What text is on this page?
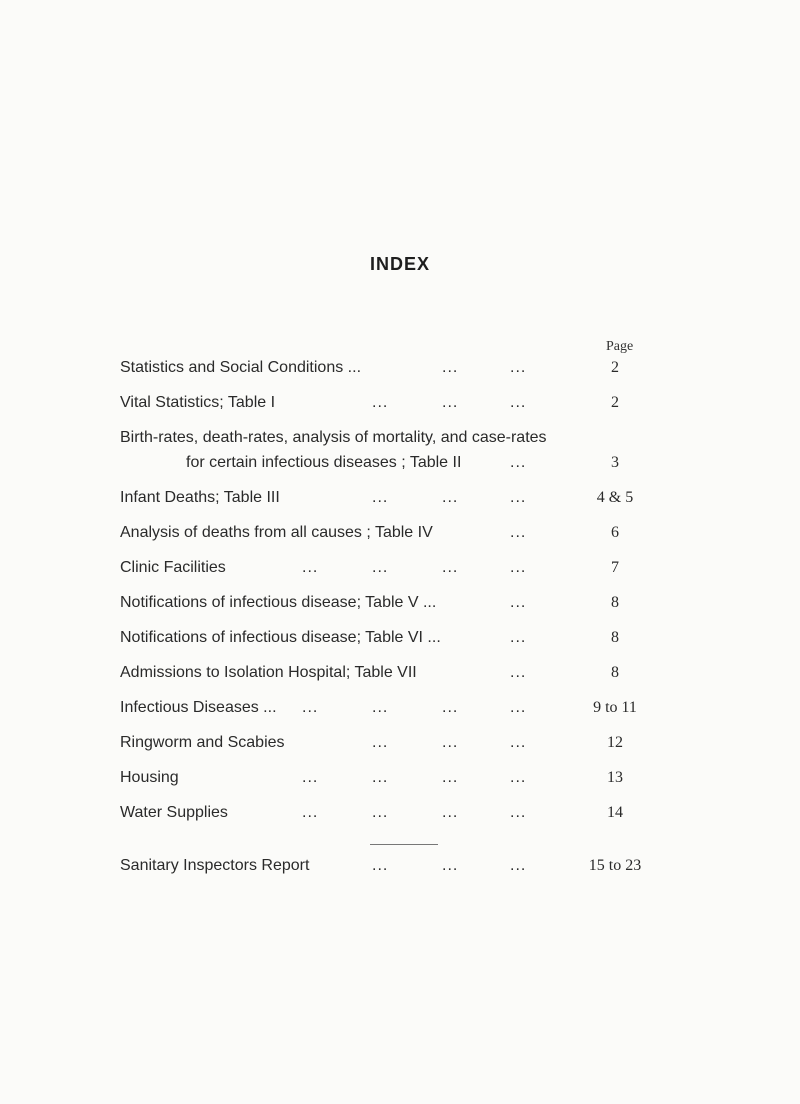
INDEX
Page
Statistics and Social Conditions ...	...	...	2
Vital Statistics; Table I	...	...	...	2
Birth-rates, death-rates, analysis of mortality, and case-rates
for certain infectious diseases ; Table II	...	3
Infant Deaths; Table III	...	...	...	4 & 5
Analysis of deaths from all causes ; Table IV	...	6
Clinic Facilities	...	...	...	...	7
Notifications of infectious disease; Table V ...	...	8
Notifications of infectious disease; Table VI ...	...	8
Admissions to Isolation Hospital; Table VII	...	8
Infectious Diseases ... ...	...	...	...	9 to 11
Ringworm and Scabies	...	...	...	12
Housing	...	...	...	...	13
Water Supplies	...	...	...	...	14
Sanitary Inspectors Report	...	...	...	15 to 23
